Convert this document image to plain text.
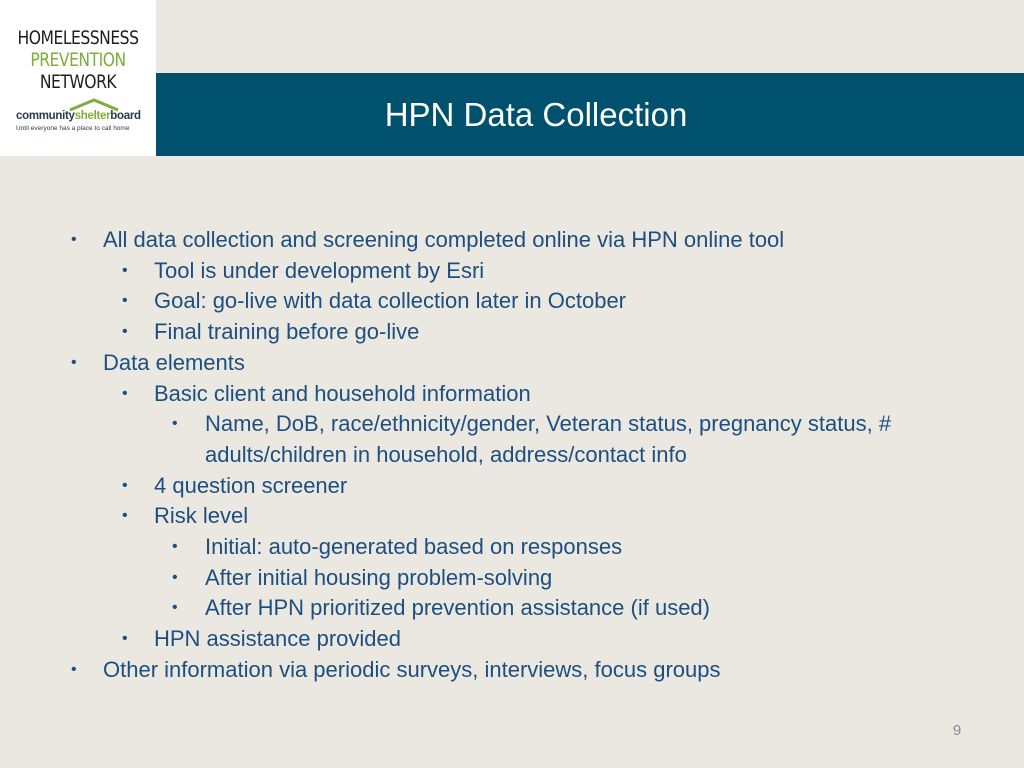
HOMELESSNESS
PREVENTION
NETWORK
communityshelterboard
Until everyone has a place to call home	HPN Data Collection
• All data collection and screening completed online via HPN online tool
• Tool is under development by Esri
• Goal: go-live with data collection later in October
• Final training before go-live
• Data elements
• Basic client and household information
• Name, DoB, race/ethnicity/gender, Veteran status, pregnancy status, #
adults/children in household, address/contact info
• 4 question screener
• Risk level
• Initial: auto-generated based on responses
• After initial housing problem-solving
• After HPN prioritized prevention assistance (if used)
• HPN assistance provided
• Other information via periodic surveys, interviews, focus groups
9
